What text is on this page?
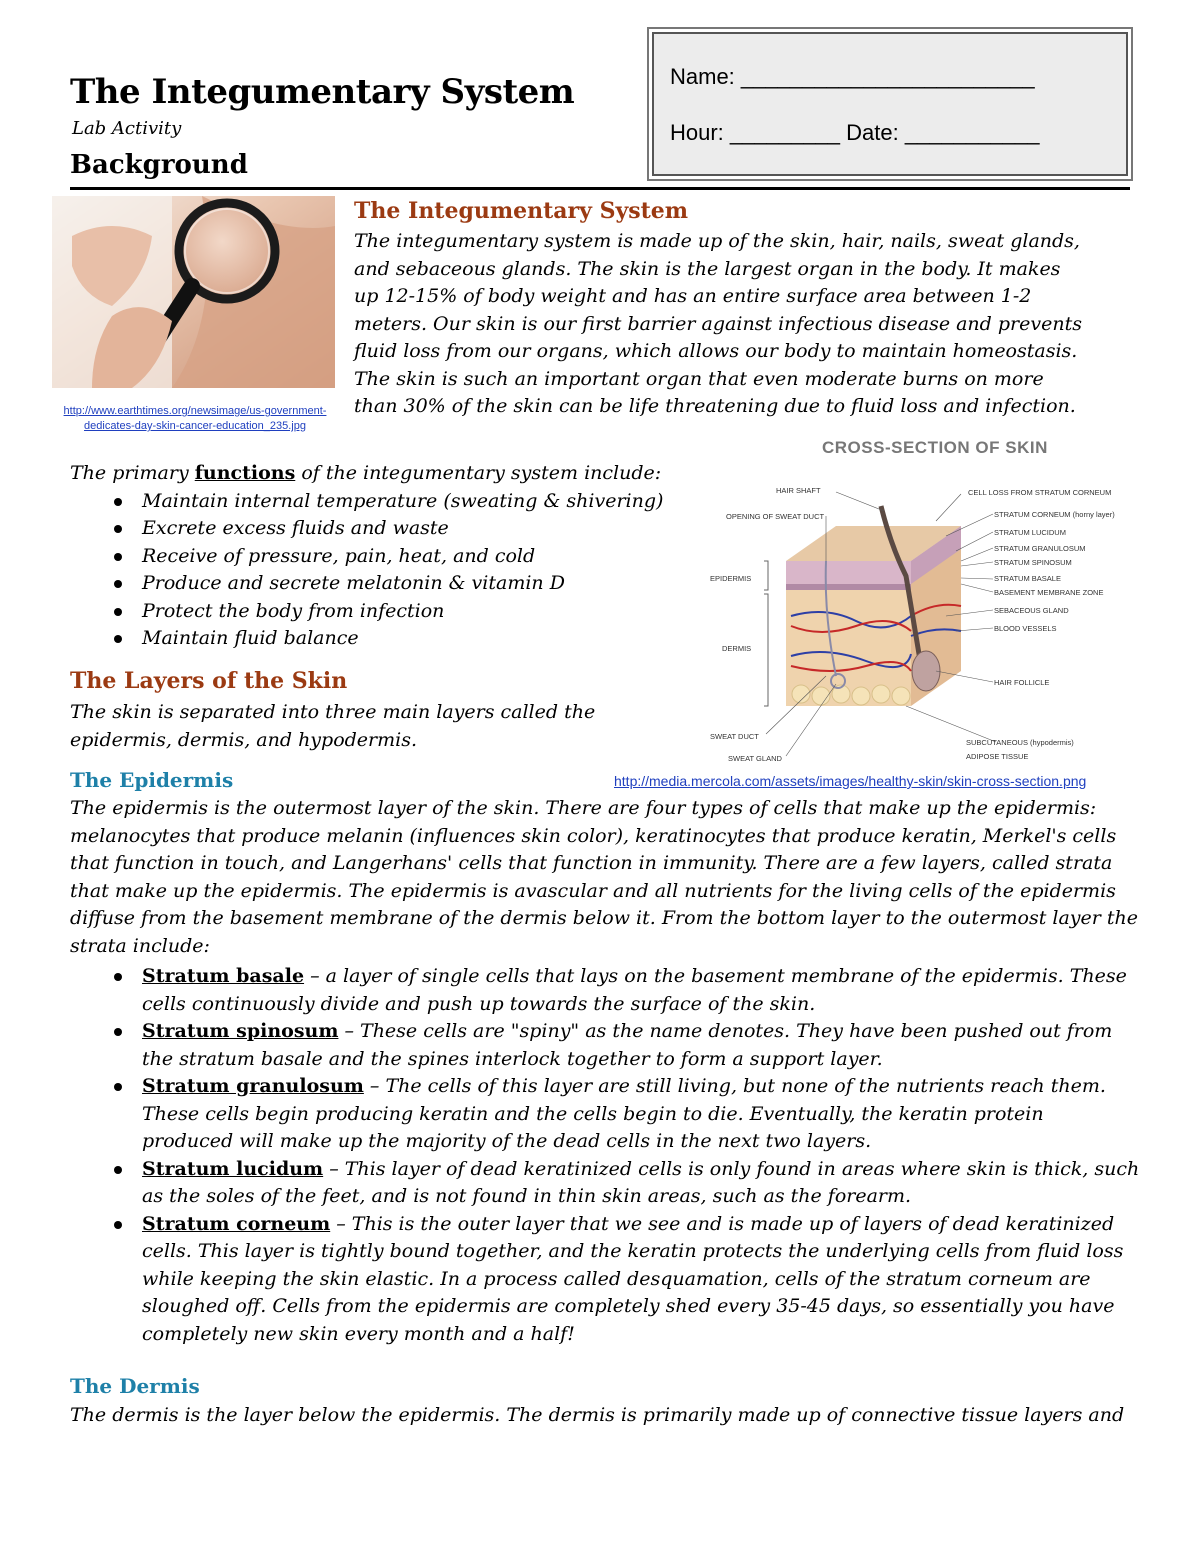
The Integumentary System
Lab Activity
Background
Name: ________________________
Hour: _________ Date: ___________
http://www.earthtimes.org/newsimage/us-government-
dedicates-day-skin-cancer-education_235.jpg
The Integumentary System
The integumentary system is made up of the skin, hair, nails, sweat glands, and sebaceous glands. The skin is the largest organ in the body. It makes up 12-15% of body weight and has an entire surface area between 1-2 meters. Our skin is our first barrier against infectious disease and prevents fluid loss from our organs, which allows our body to maintain homeostasis. The skin is such an important organ that even moderate burns on more than 30% of the skin can be life threatening due to fluid loss and infection.
The primary functions of the integumentary system include:
Maintain internal temperature (sweating & shivering)
Excrete excess fluids and waste
Receive of pressure, pain, heat, and cold
Produce and secrete melatonin & vitamin D
Protect the body from infection
Maintain fluid balance
CROSS-SECTION OF SKIN
HAIR SHAFT
OPENING OF SWEAT DUCT
EPIDERMIS
DERMIS
SWEAT DUCT
SWEAT GLAND
CELL LOSS FROM STRATUM CORNEUM
STRATUM CORNEUM (horny layer)
STRATUM LUCIDUM
STRATUM GRANULOSUM
STRATUM SPINOSUM
STRATUM BASALE
BASEMENT MEMBRANE ZONE
SEBACEOUS GLAND
BLOOD VESSELS
HAIR FOLLICLE
SUBCUTANEOUS (hypodermis)
ADIPOSE TISSUE
http://media.mercola.com/assets/images/healthy-skin/skin-cross-section.png
The Layers of the Skin
The skin is separated into three main layers called the epidermis, dermis, and hypodermis.
The Epidermis
The epidermis is the outermost layer of the skin. There are four types of cells that make up the epidermis: melanocytes that produce melanin (influences skin color), keratinocytes that produce keratin, Merkel's cells that function in touch, and Langerhans' cells that function in immunity. There are a few layers, called strata that make up the epidermis. The epidermis is avascular and all nutrients for the living cells of the epidermis diffuse from the basement membrane of the dermis below it. From the bottom layer to the outermost layer the strata include:
Stratum basale – a layer of single cells that lays on the basement membrane of the epidermis. These cells continuously divide and push up towards the surface of the skin.
Stratum spinosum – These cells are "spiny" as the name denotes. They have been pushed out from the stratum basale and the spines interlock together to form a support layer.
Stratum granulosum – The cells of this layer are still living, but none of the nutrients reach them. These cells begin producing keratin and the cells begin to die. Eventually, the keratin protein produced will make up the majority of the dead cells in the next two layers.
Stratum lucidum – This layer of dead keratinized cells is only found in areas where skin is thick, such as the soles of the feet, and is not found in thin skin areas, such as the forearm.
Stratum corneum – This is the outer layer that we see and is made up of layers of dead keratinized cells. This layer is tightly bound together, and the keratin protects the underlying cells from fluid loss while keeping the skin elastic. In a process called desquamation, cells of the stratum corneum are sloughed off. Cells from the epidermis are completely shed every 35-45 days, so essentially you have completely new skin every month and a half!
The Dermis
The dermis is the layer below the epidermis. The dermis is primarily made up of connective tissue layers and
